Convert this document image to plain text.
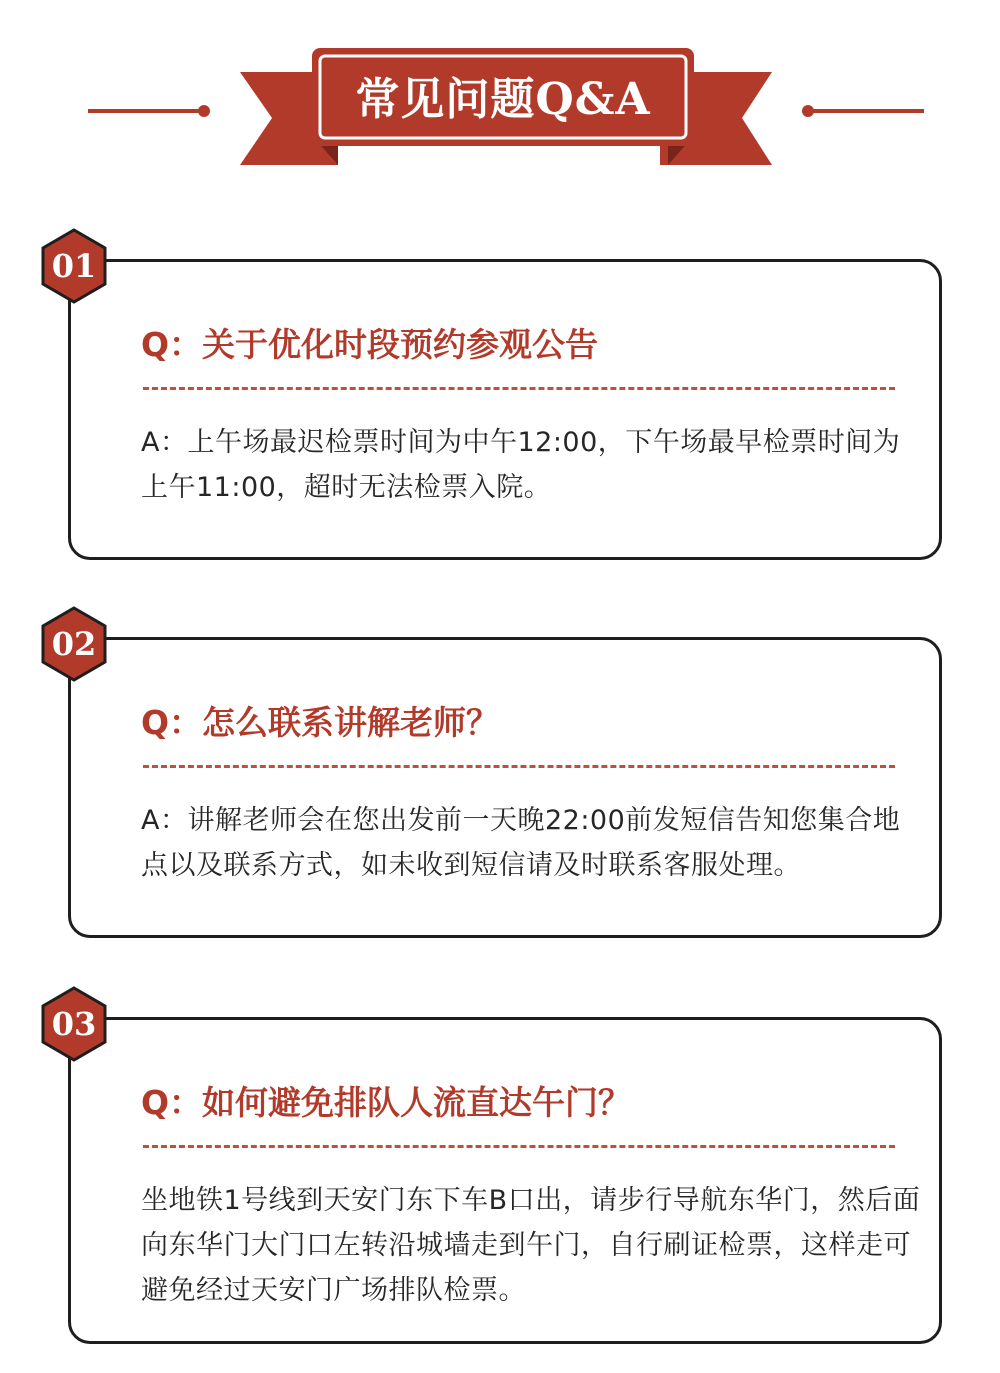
常见问题Q&A
Q：关于优化时段预约参观公告
A：上午场最迟检票时间为中午12:00，下午场最早检票时间为上午11:00，超时无法检票入院。
01
Q：怎么联系讲解老师？
A：讲解老师会在您出发前一天晚22:00前发短信告知您集合地点以及联系方式，如未收到短信请及时联系客服处理。
02
Q：如何避免排队人流直达午门？
坐地铁1号线到天安门东下车B口出，请步行导航东华门，然后面向东华门大门口左转沿城墙走到午门，自行刷证检票，这样走可避免经过天安门广场排队检票。
03
